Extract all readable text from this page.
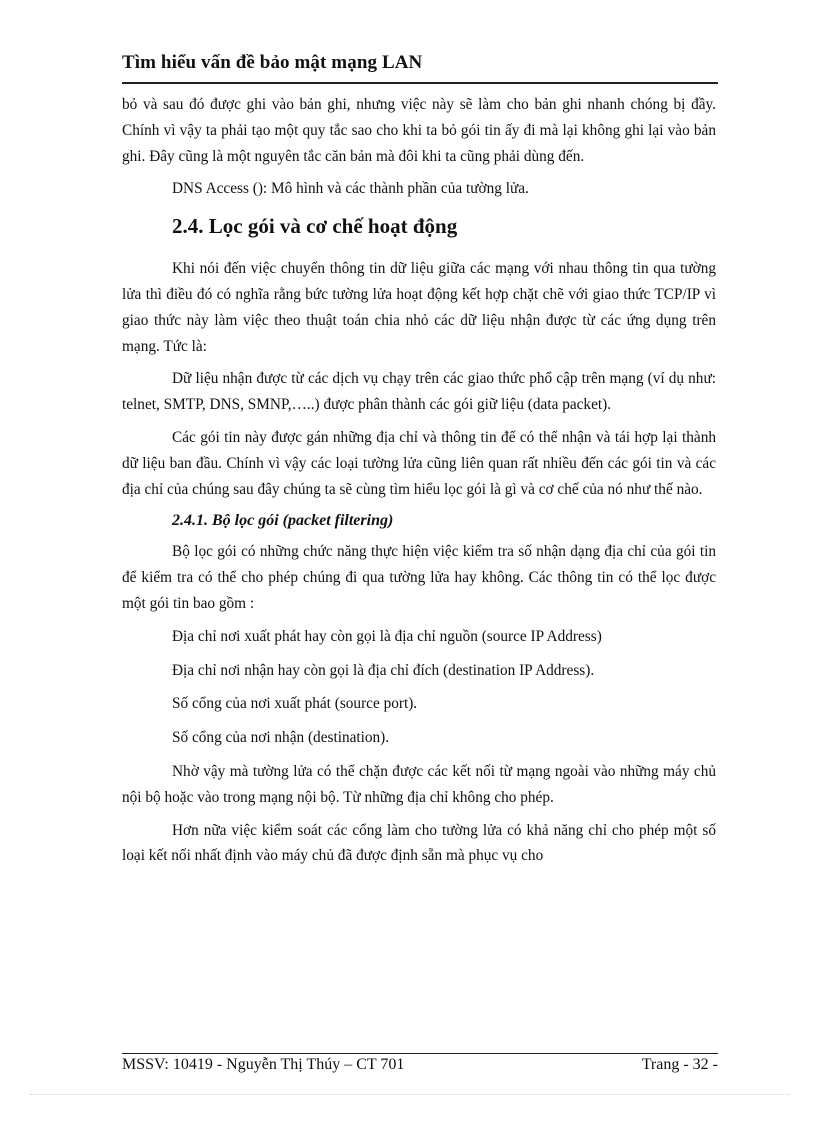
Tìm hiểu vấn đề bảo mật mạng LAN

bỏ và sau đó được ghi vào bản ghi, nhưng việc này sẽ làm cho bản ghi nhanh chóng bị đầy. Chính vì vậy ta phải tạo một quy tắc sao cho khi ta bỏ gói tin ấy đi mà lại không ghi lại vào bản ghi. Đây cũng là một nguyên tắc căn bản mà đôi khi ta cũng phải dùng đến.

DNS Access (): Mô hình và các thành phần của tường lửa.

2.4. Lọc gói và cơ chế hoạt động

Khi nói đến việc chuyển thông tin dữ liệu giữa các mạng với nhau thông tin qua tường lửa thì điều đó có nghĩa rằng bức tường lửa hoạt động kết hợp chặt chẽ với giao thức TCP/IP vì giao thức này làm việc theo thuật toán chia nhỏ các dữ liệu nhận được từ các ứng dụng trên mạng. Tức là:

Dữ liệu nhận được từ các dịch vụ chạy trên các giao thức phổ cập trên mạng (ví dụ như: telnet, SMTP, DNS, SMNP,…..) được phân thành các gói giữ liệu (data packet).

Các gói tin này được gán những địa chỉ và thông tin để có thể nhận và tái hợp lại thành dữ liệu ban đầu. Chính vì vậy các loại tường lửa cũng liên quan rất nhiều đến các gói tin và các địa chỉ của chúng sau đây chúng ta sẽ cùng tìm hiểu lọc gói là gì và cơ chế của nó như thế nào.

2.4.1. Bộ lọc gói (packet filtering)

Bộ lọc gói có những chức năng thực hiện việc kiểm tra số nhận dạng địa chỉ của gói tin để kiểm tra có thể cho phép chúng đi qua tường lửa hay không. Các thông tin có thể lọc được một gói tin bao gồm :

Địa chỉ nơi xuất phát hay còn gọi là địa chỉ nguồn (source IP Address)

Địa chỉ nơi nhận hay còn gọi là địa chỉ đích (destination IP Address).

Số cổng của nơi xuất phát (source port).

Số cổng của nơi nhận (destination).

Nhờ vậy mà tường lửa có thể chặn được các kết nối từ mạng ngoài vào những máy chủ nội bộ hoặc vào trong mạng nội bộ. Từ những địa chỉ không cho phép.

Hơn nữa việc kiểm soát các cổng làm cho tường lửa có khả năng chỉ cho phép một số loại kết nối nhất định vào máy chủ đã được định sẵn mà phục vụ cho

MSSV: 10419 - Nguyễn Thị Thúy – CT 701	Trang - 32 -
